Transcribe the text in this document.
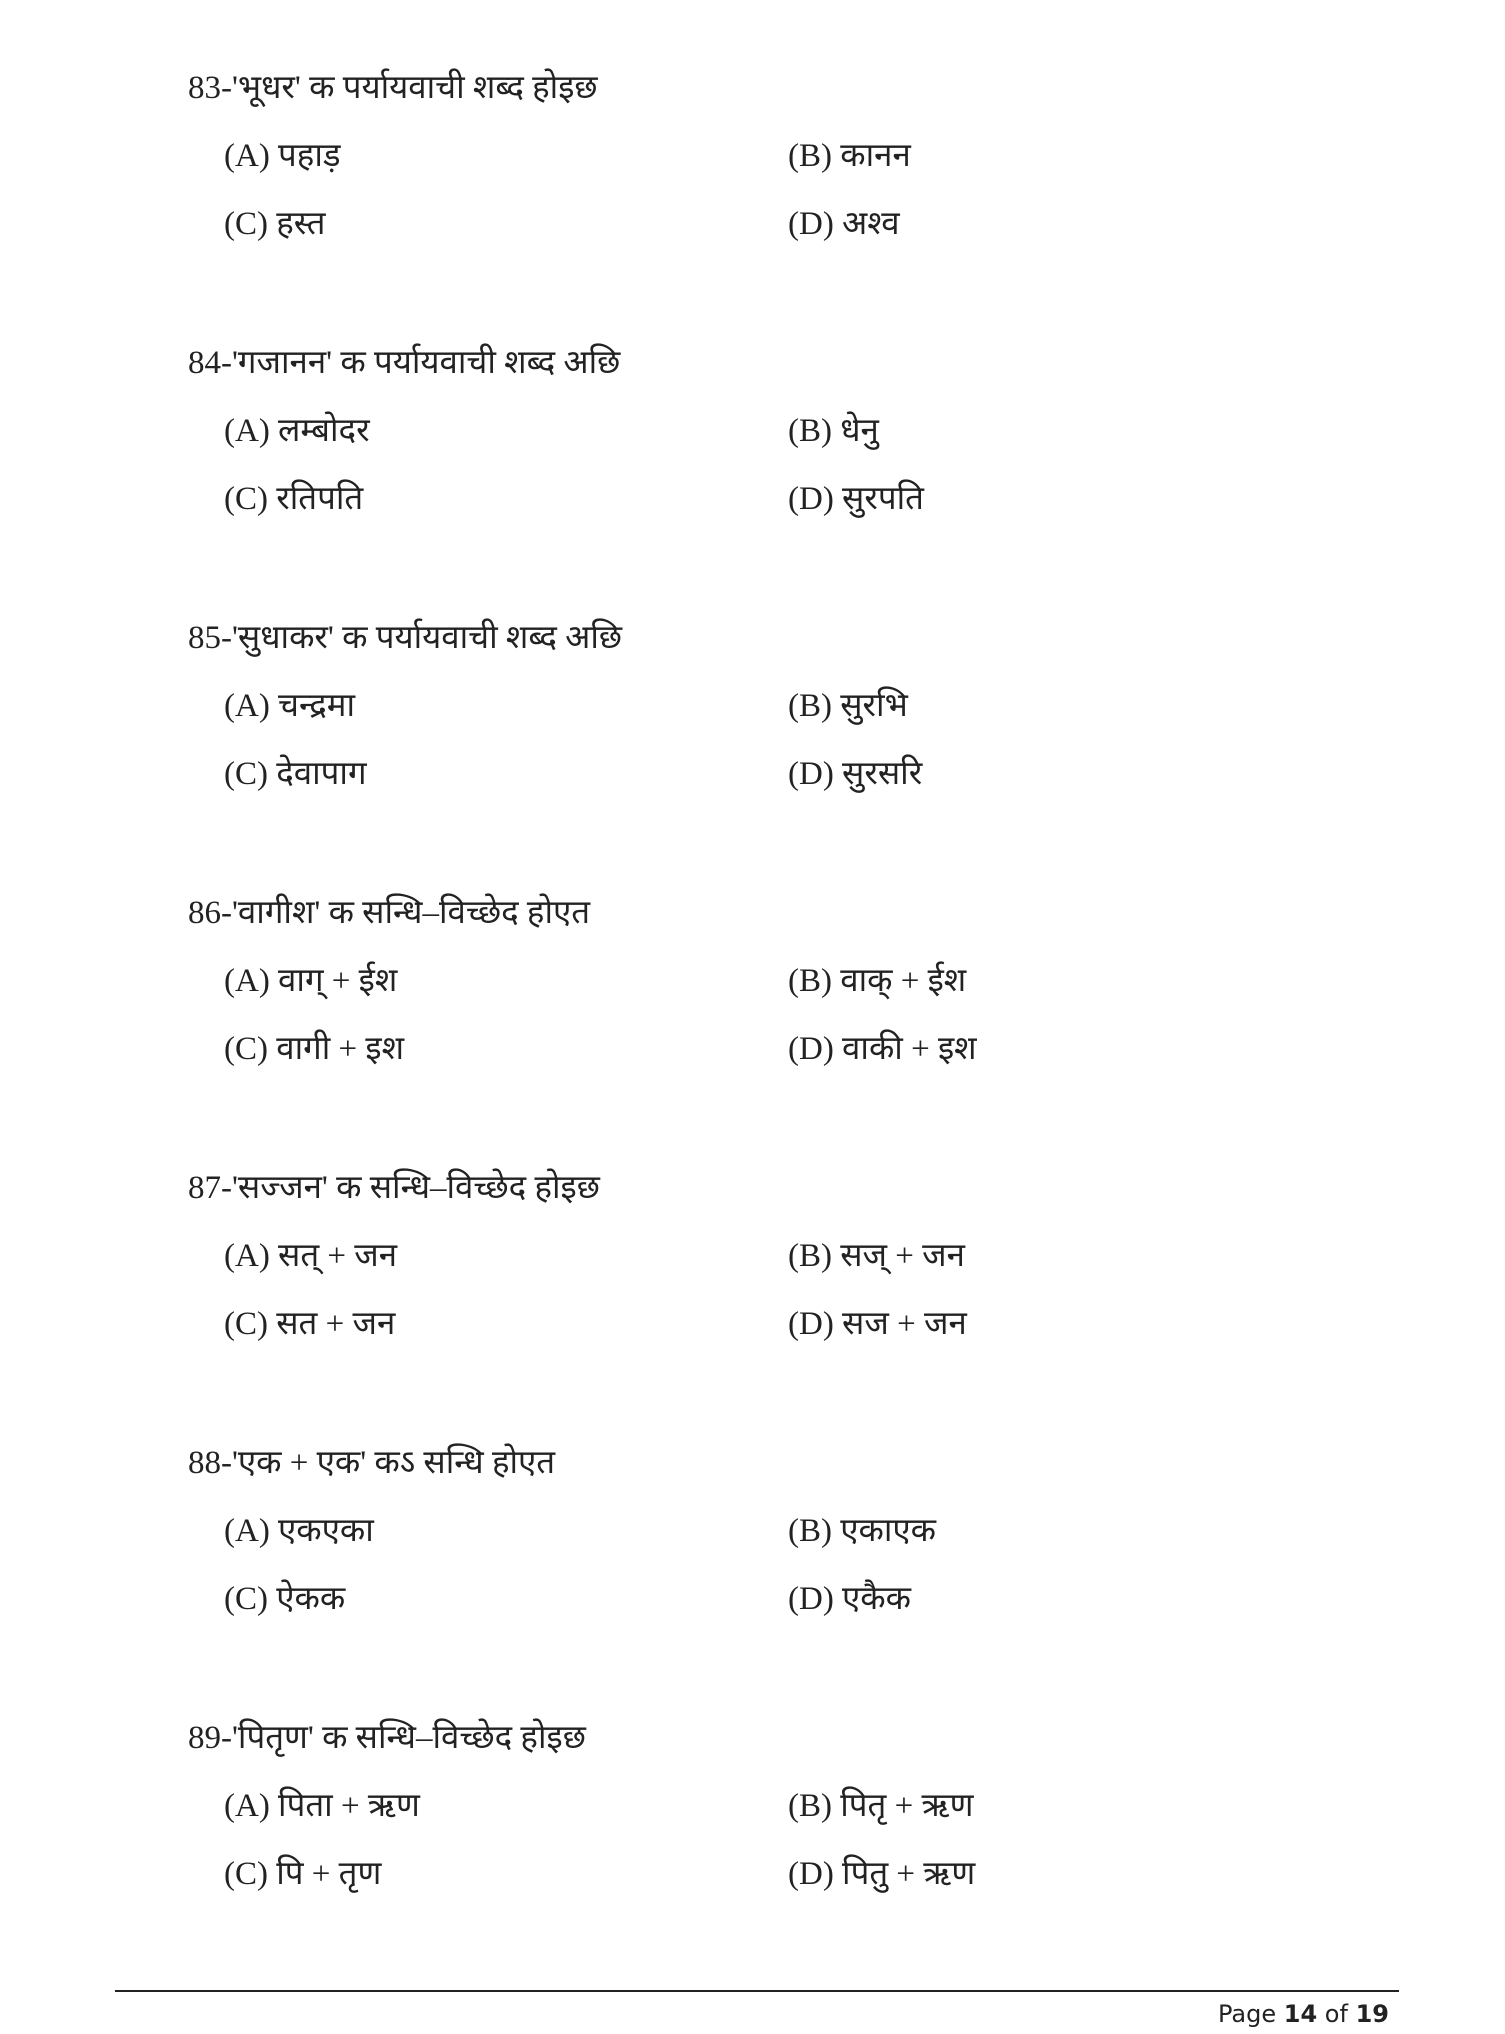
83-'भूधर' क पर्यायवाची शब्द होइछ
(A) पहाड़	(B) कानन
(C) हस्त	(D) अश्व
84-'गजानन' क पर्यायवाची शब्द अछि
(A) लम्बोदर	(B) धेनु
(C) रतिपति	(D) सुरपति
85-'सुधाकर' क पर्यायवाची शब्द अछि
(A) चन्द्रमा	(B) सुरभि
(C) देवापाग	(D) सुरसरि
86-'वागीश' क सन्धि–विच्छेद होएत
(A) वाग् + ईश	(B) वाक् + ईश
(C) वागी + इश	(D) वाकी + इश
87-'सज्जन' क सन्धि–विच्छेद होइछ
(A) सत् + जन	(B) सज् + जन
(C) सत + जन	(D) सज + जन
88-'एक + एक' कऽ सन्धि होएत
(A) एकएका	(B) एकाएक
(C) ऐकक	(D) एकैक
89-'पितृण' क सन्धि–विच्छेद होइछ
(A) पिता + ऋण	(B) पितृ + ऋण
(C) पि + तृण	(D) पितु + ऋण
Page 14 of 19
